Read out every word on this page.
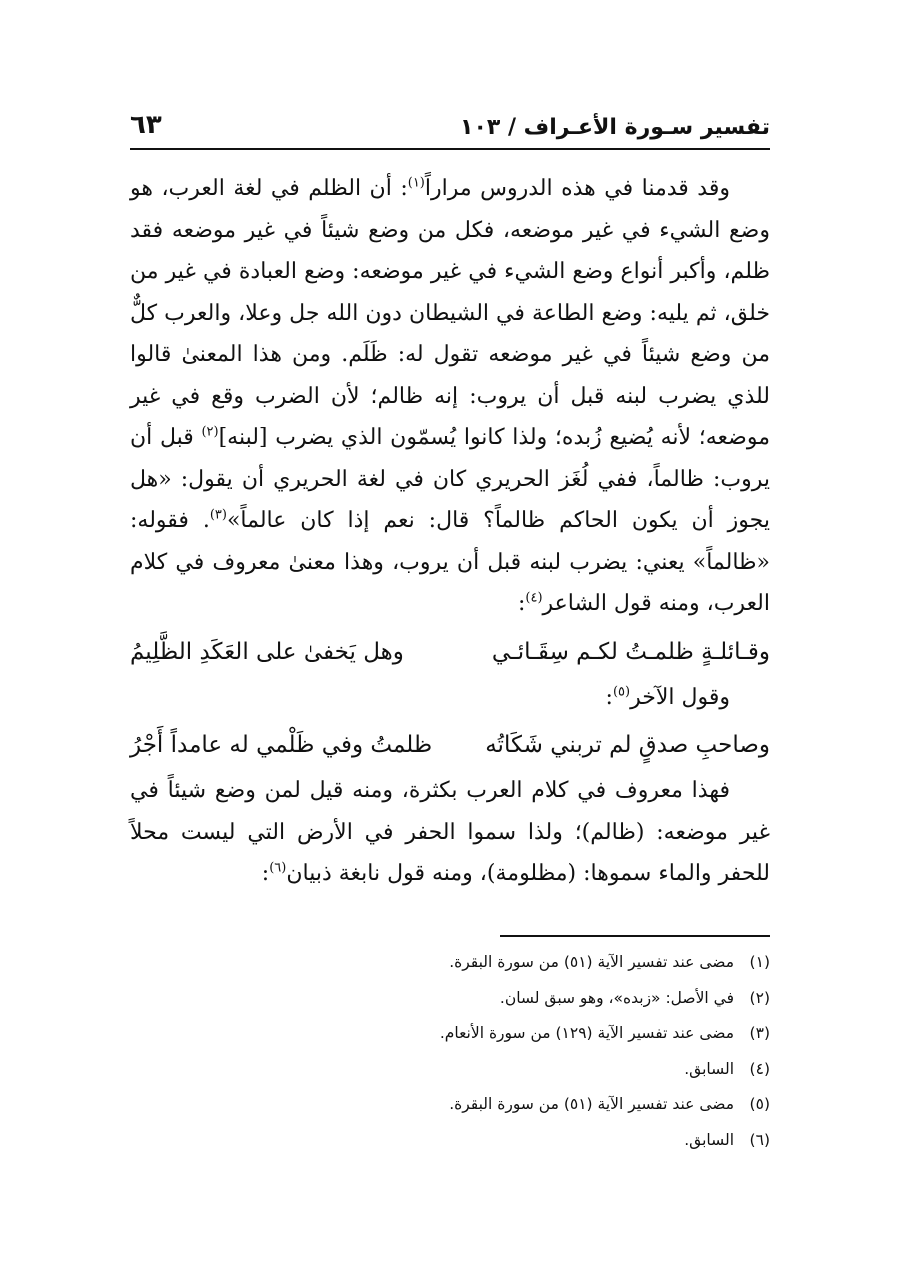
تفسير سـورة الأعـراف / ١٠٣
٦٣

وقد قدمنا في هذه الدروس مراراً$^{(١)}$: أن الظلم في لغة العرب، هو وضع الشيء في غير موضعه، فكل من وضع شيئاً في غير موضعه فقد ظلم، وأكبر أنواع وضع الشيء في غير موضعه: وضع العبادة في غير من خلق، ثم يليه: وضع الطاعة في الشيطان دون الله جل وعلا، والعرب كلٌّ من وضع شيئاً في غير موضعه تقول له: ظَلَم. ومن هذا المعنىٰ قالوا للذي يضرب لبنه قبل أن يروب: إنه ظالم؛ لأن الضرب وقع في غير موضعه؛ لأنه يُضيع زُبده؛ ولذا كانوا يُسمّون الذي يضرب [لبنه]$^{(٢)}$ قبل أن يروب: ظالماً، ففي لُغَز الحريري كان في لغة الحريري أن يقول: «هل يجوز أن يكون الحاكم ظالماً؟ قال: نعم إذا كان عالماً»$^{(٣)}$. فقوله: «ظالماً» يعني: يضرب لبنه قبل أن يروب، وهذا معنىٰ معروف في كلام العرب، ومنه قول الشاعر$^{(٤)}$:

وقـائلـةٍ ظلمـتُ لكـم سِقَـائـي
وهل يَخفىٰ على العَكَدِ الظَّلِيمُ

وقول الآخر$^{(٥)}$:

وصاحبِ صدقٍ لم تربني شَكَاتُه
ظلمتُ وفي ظَلْمي له عامداً أَجْرُ

فهذا معروف في كلام العرب بكثرة، ومنه قيل لمن وضع شيئاً في غير موضعه: (ظالم)؛ ولذا سموا الحفر في الأرض التي ليست محلاً للحفر والماء سموها: (مظلومة)، ومنه قول نابغة ذبيان$^{(٦)}$:

(١)
مضى عند تفسير الآية (٥١) من سورة البقرة.
(٢)
في الأصل: «زبده»، وهو سبق لسان.
(٣)
مضى عند تفسير الآية (١٢٩) من سورة الأنعام.
(٤)
السابق.
(٥)
مضى عند تفسير الآية (٥١) من سورة البقرة.
(٦)
السابق.
